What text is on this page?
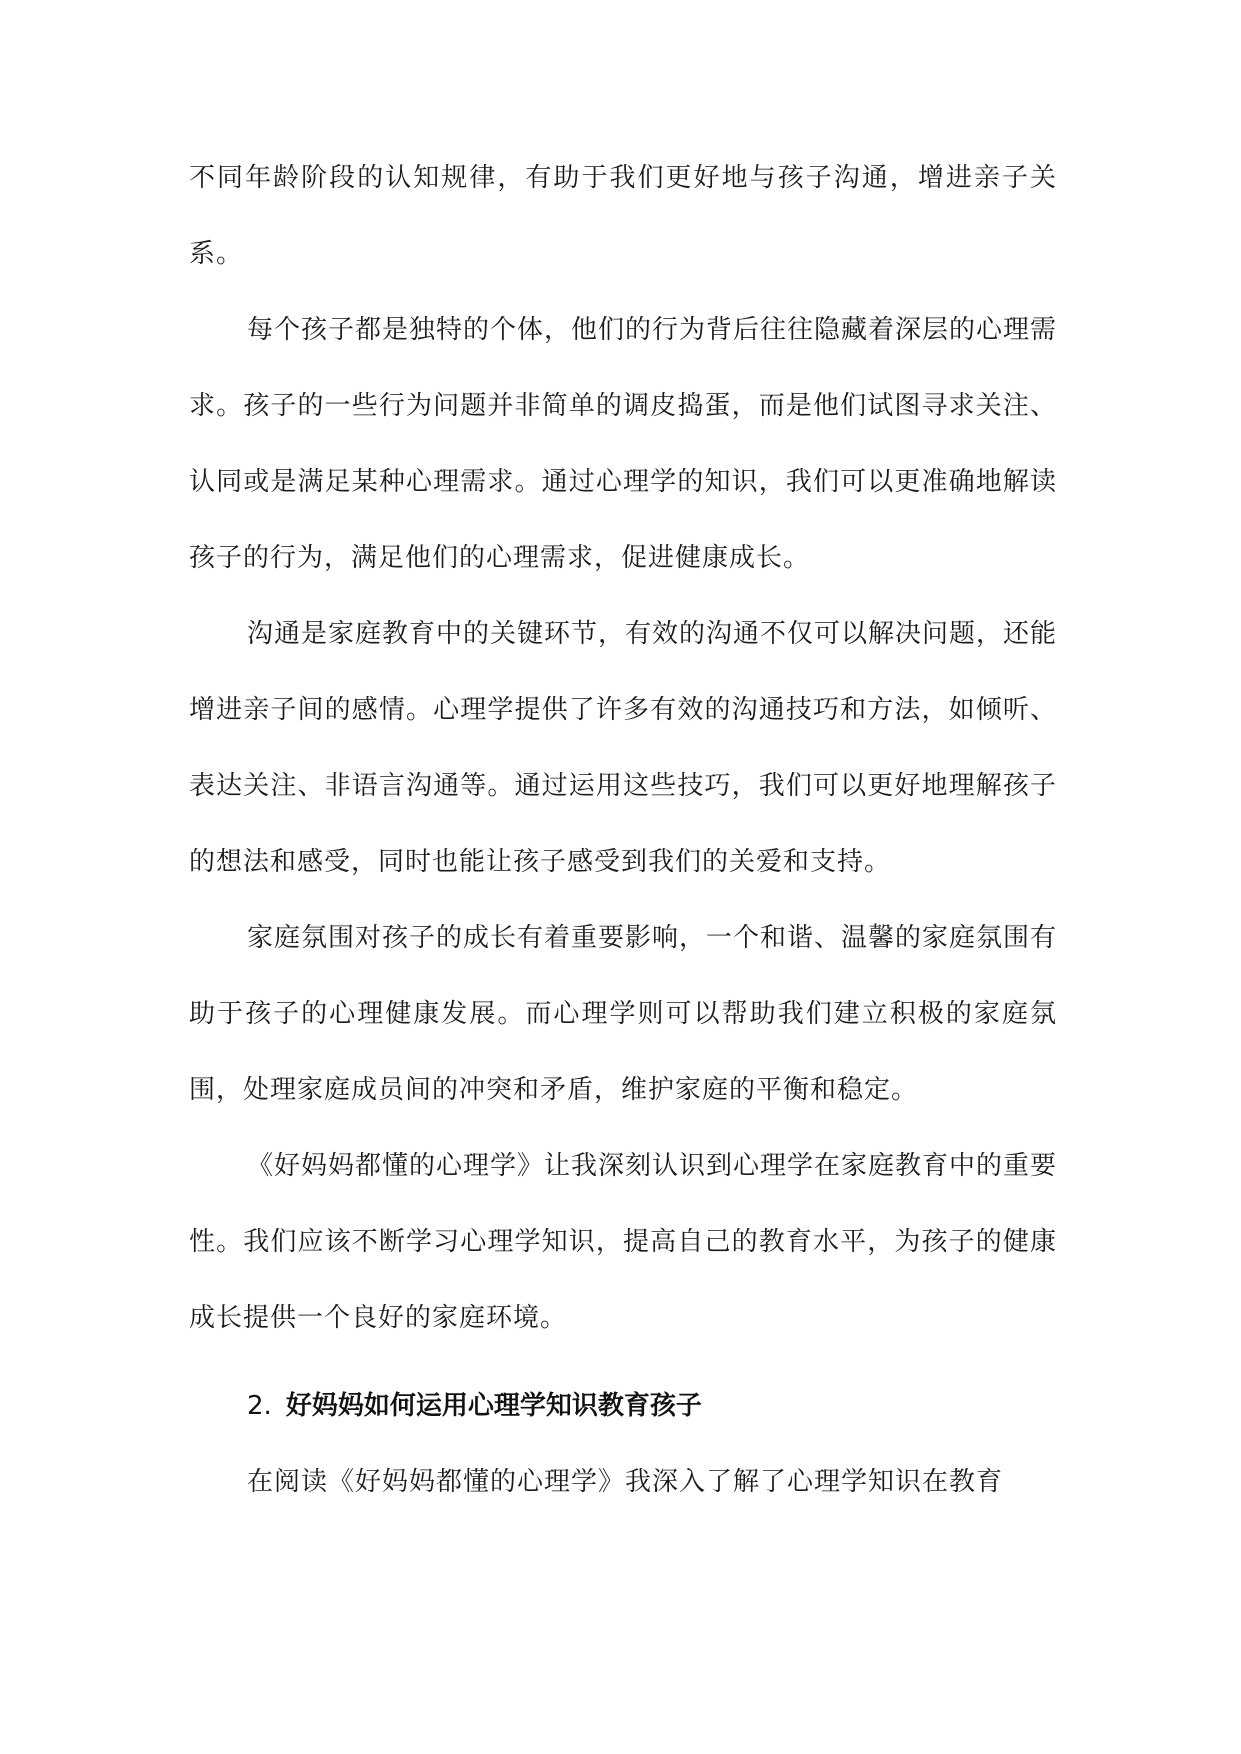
不同年龄阶段的认知规律，有助于我们更好地与孩子沟通，增进亲子关系。

每个孩子都是独特的个体，他们的行为背后往往隐藏着深层的心理需求。孩子的一些行为问题并非简单的调皮捣蛋，而是他们试图寻求关注、认同或是满足某种心理需求。通过心理学的知识，我们可以更准确地解读孩子的行为，满足他们的心理需求，促进健康成长。

沟通是家庭教育中的关键环节，有效的沟通不仅可以解决问题，还能增进亲子间的感情。心理学提供了许多有效的沟通技巧和方法，如倾听、表达关注、非语言沟通等。通过运用这些技巧，我们可以更好地理解孩子的想法和感受，同时也能让孩子感受到我们的关爱和支持。

家庭氛围对孩子的成长有着重要影响，一个和谐、温馨的家庭氛围有助于孩子的心理健康发展。而心理学则可以帮助我们建立积极的家庭氛围，处理家庭成员间的冲突和矛盾，维护家庭的平衡和稳定。

《好妈妈都懂的心理学》让我深刻认识到心理学在家庭教育中的重要性。我们应该不断学习心理学知识，提高自己的教育水平，为孩子的健康成长提供一个良好的家庭环境。

2. 好妈妈如何运用心理学知识教育孩子

在阅读《好妈妈都懂的心理学》我深入了解了心理学知识在教育
